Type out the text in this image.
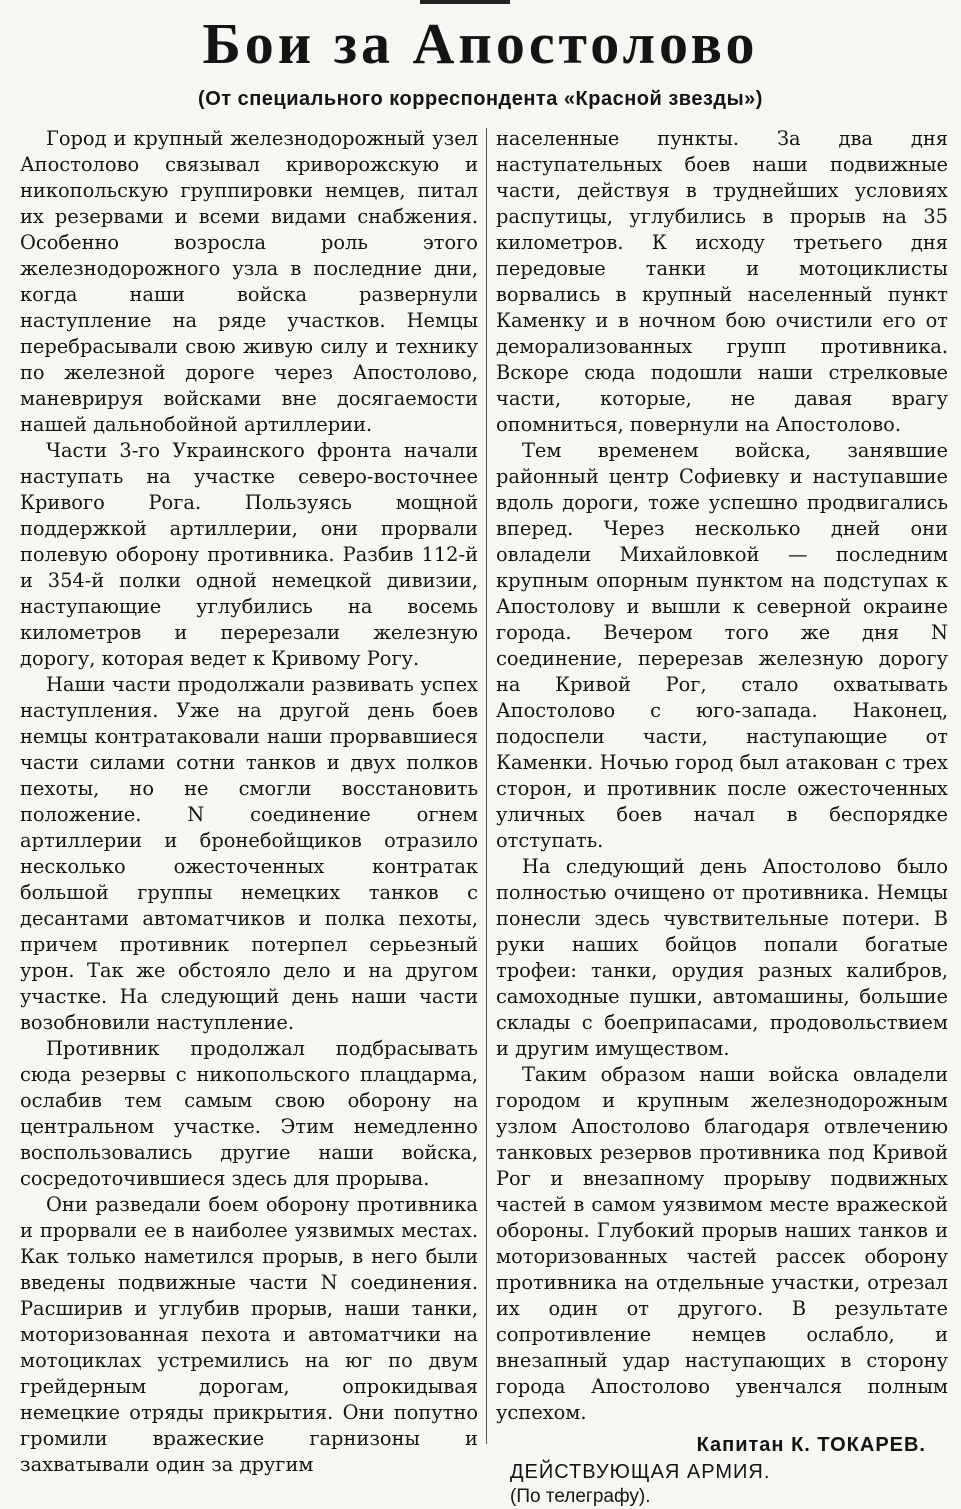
Бои за Апостолово
(От специального корреспондента «Красной звезды»)

Город и крупный железнодорожный узел Апостолово связывал криворожскую и никопольскую группировки немцев, питал их резервами и всеми видами снабжения. Особенно возросла роль этого железнодорожного узла в последние дни, когда наши войска развернули наступление на ряде участков. Немцы перебрасывали свою живую силу и технику по железной дороге через Апостолово, маневрируя войсками вне досягаемости нашей дальнобойной артиллерии.

Части 3-го Украинского фронта начали наступать на участке северо-восточнее Кривого Рога. Пользуясь мощной поддержкой артиллерии, они прорвали полевую оборону противника. Разбив 112-й и 354-й полки одной немецкой дивизии, наступающие углубились на восемь километров и перерезали железную дорогу, которая ведет к Кривому Рогу.

Наши части продолжали развивать успех наступления. Уже на другой день боев немцы контратаковали наши прорвавшиеся части силами сотни танков и двух полков пехоты, но не смогли восстановить положение. N соединение огнем артиллерии и бронебойщиков отразило несколько ожесточенных контратак большой группы немецких танков с десантами автоматчиков и полка пехоты, причем противник потерпел серьезный урон. Так же обстояло дело и на другом участке. На следующий день наши части возобновили наступление.

Противник продолжал подбрасывать сюда резервы с никопольского плацдарма, ослабив тем самым свою оборону на центральном участке. Этим немедленно воспользовались другие наши войска, сосредоточившиеся здесь для прорыва.

Они разведали боем оборону противника и прорвали ее в наиболее уязвимых местах. Как только наметился прорыв, в него были введены подвижные части N соединения. Расширив и углубив прорыв, наши танки, моторизованная пехота и автоматчики на мотоциклах устремились на юг по двум грейдерным дорогам, опрокидывая немецкие отряды прикрытия. Они попутно громили вражеские гарнизоны и захватывали один за другим

населенные пункты. За два дня наступательных боев наши подвижные части, действуя в труднейших условиях распутицы, углубились в прорыв на 35 километров. К исходу третьего дня передовые танки и мотоциклисты ворвались в крупный населенный пункт Каменку и в ночном бою очистили его от деморализованных групп противника. Вскоре сюда подошли наши стрелковые части, которые, не давая врагу опомниться, повернули на Апостолово.

Тем временем войска, занявшие районный центр Софиевку и наступавшие вдоль дороги, тоже успешно продвигались вперед. Через несколько дней они овладели Михайловкой — последним крупным опорным пунктом на подступах к Апостолову и вышли к северной окраине города. Вечером того же дня N соединение, перерезав железную дорогу на Кривой Рог, стало охватывать Апостолово с юго-запада. Наконец, подоспели части, наступающие от Каменки. Ночью город был атакован с трех сторон, и противник после ожесточенных уличных боев начал в беспорядке отступать.

На следующий день Апостолово было полностью очищено от противника. Немцы понесли здесь чувствительные потери. В руки наших бойцов попали богатые трофеи: танки, орудия разных калибров, самоходные пушки, автомашины, большие склады с боеприпасами, продовольствием и другим имуществом.

Таким образом наши войска овладели городом и крупным железнодорожным узлом Апостолово благодаря отвлечению танковых резервов противника под Кривой Рог и внезапному прорыву подвижных частей в самом уязвимом месте вражеской обороны. Глубокий прорыв наших танков и моторизованных частей рассек оборону противника на отдельные участки, отрезал их один от другого. В результате сопротивление немцев ослабло, и внезапный удар наступающих в сторону города Апостолово увенчался полным успехом.

Капитан К. ТОКАРЕВ.
ДЕЙСТВУЮЩАЯ АРМИЯ.
(По телеграфу).
